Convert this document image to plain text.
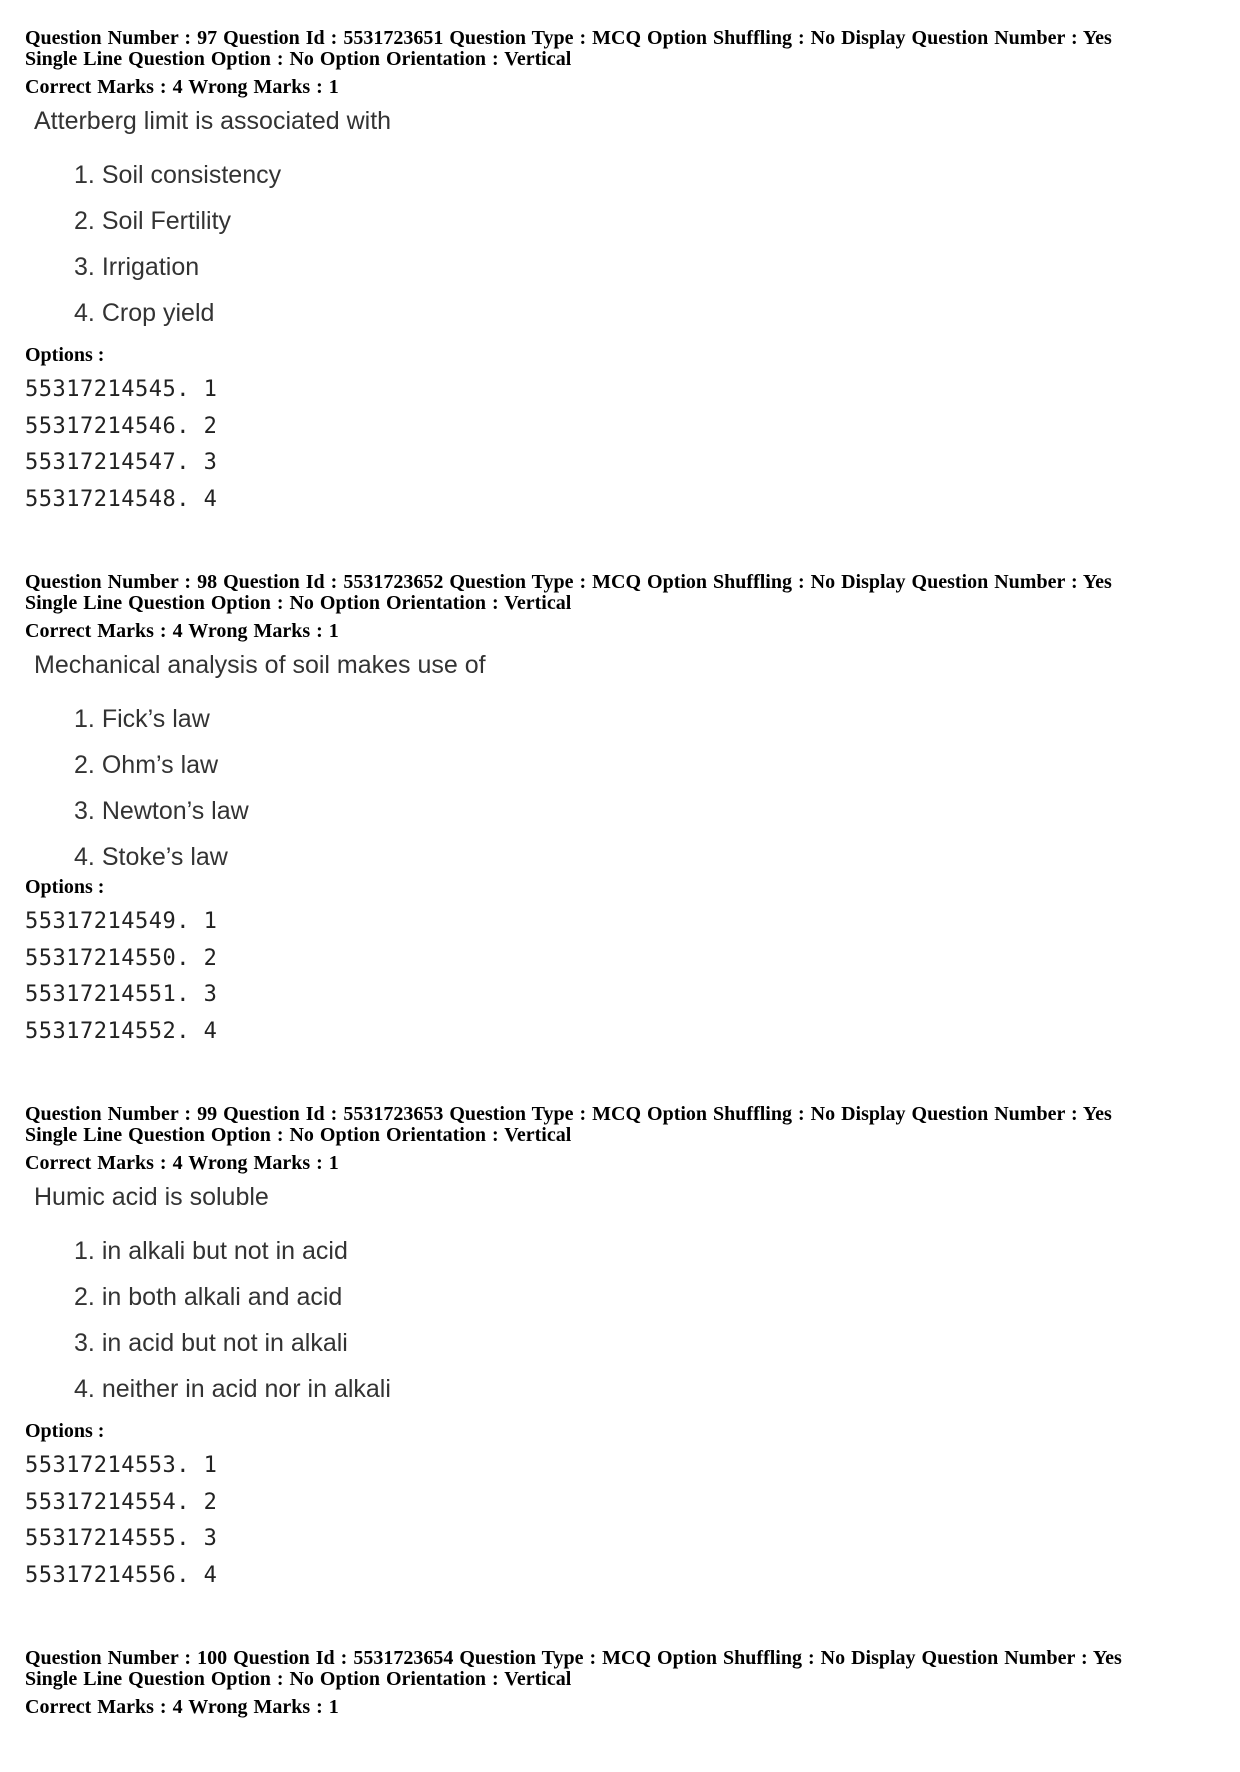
Question Number : 97 Question Id : 5531723651 Question Type : MCQ Option Shuffling : No Display Question Number : Yes
Single Line Question Option : No Option Orientation : Vertical
Correct Marks : 4 Wrong Marks : 1
Atterberg limit is associated with
1. Soil consistency
2. Soil Fertility
3. Irrigation
4. Crop yield
Options :
55317214545. 1
55317214546. 2
55317214547. 3
55317214548. 4
Question Number : 98 Question Id : 5531723652 Question Type : MCQ Option Shuffling : No Display Question Number : Yes
Single Line Question Option : No Option Orientation : Vertical
Correct Marks : 4 Wrong Marks : 1
Mechanical analysis of soil makes use of
1. Fick’s law
2. Ohm’s law
3. Newton’s law
4. Stoke’s law
Options :
55317214549. 1
55317214550. 2
55317214551. 3
55317214552. 4
Question Number : 99 Question Id : 5531723653 Question Type : MCQ Option Shuffling : No Display Question Number : Yes
Single Line Question Option : No Option Orientation : Vertical
Correct Marks : 4 Wrong Marks : 1
Humic acid is soluble
1. in alkali but not in acid
2. in both alkali and acid
3. in acid but not in alkali
4. neither in acid nor in alkali
Options :
55317214553. 1
55317214554. 2
55317214555. 3
55317214556. 4
Question Number : 100 Question Id : 5531723654 Question Type : MCQ Option Shuffling : No Display Question Number : Yes
Single Line Question Option : No Option Orientation : Vertical
Correct Marks : 4 Wrong Marks : 1
